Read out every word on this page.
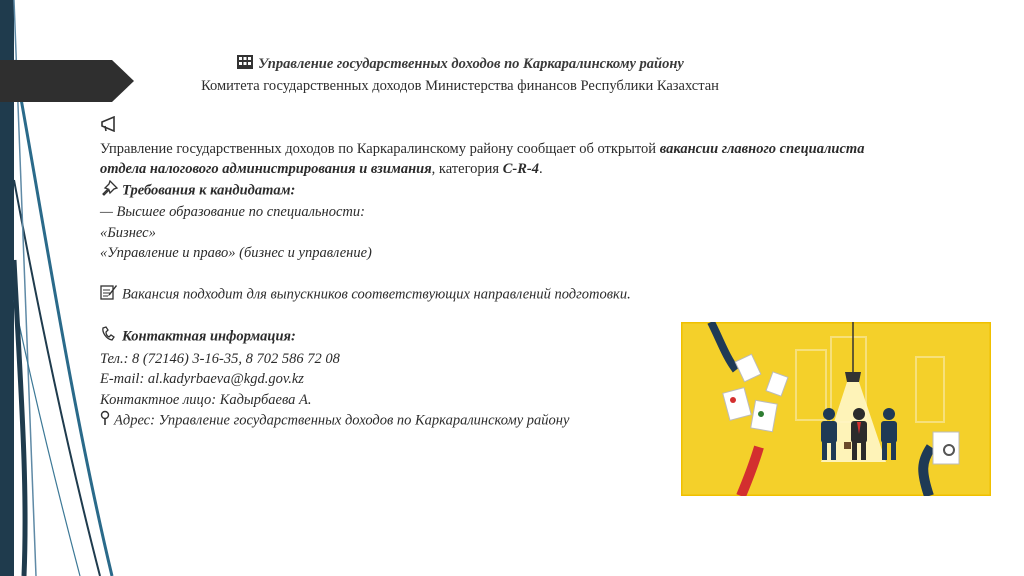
Управление государственных доходов по Каркаралинскому району
Комитета государственных доходов Министерства финансов Республики Казахстан
Управление государственных доходов по Каркаралинскому району сообщает об открытой вакансии главного специалиста отдела налогового администрирования и взимания, категория C-R-4.
Требования к кандидатам:
— Высшее образование по специальности:
«Бизнес»
«Управление и право» (бизнес и управление)
Вакансия подходит для выпускников соответствующих направлений подготовки.
Контактная информация:
Тел.: 8 (72146) 3-16-35, 8 702 586 72 08
E-mail: al.kadyrbaeva@kgd.gov.kz
Контактное лицо: Кадырбаева А.
Адрес: Управление государственных доходов по Каркаралинскому району
